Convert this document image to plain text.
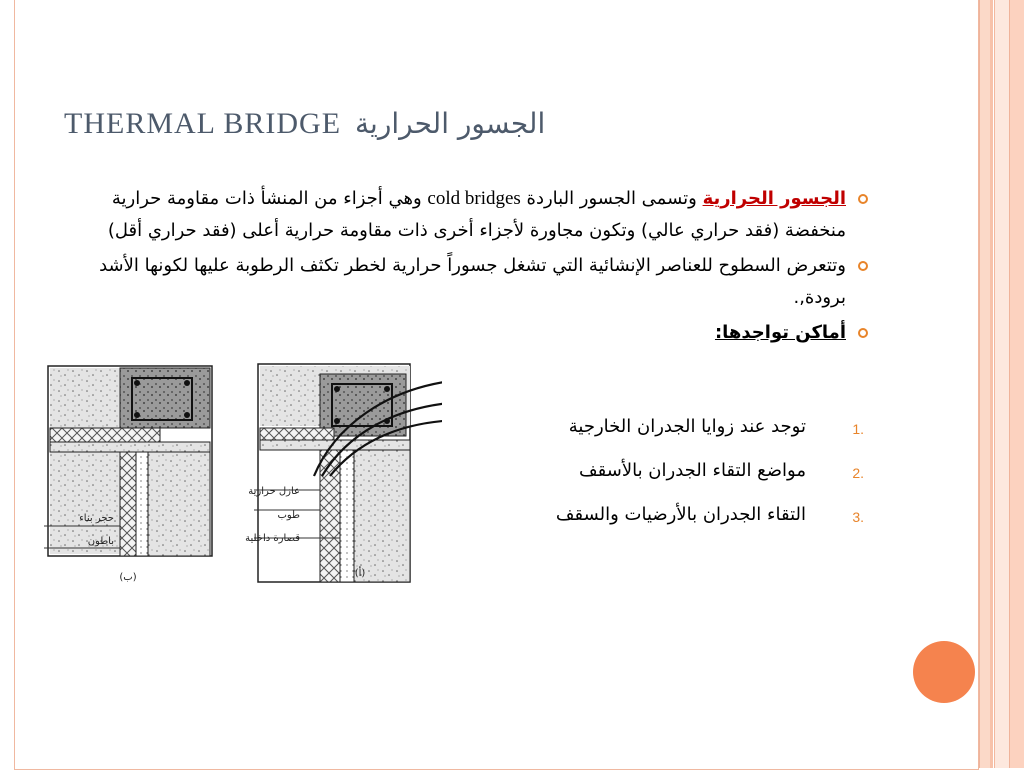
THERMAL BRIDGE الجسور الحرارية
الجسور الحرارية وتسمى الجسور الباردة cold bridges وهي أجزاء من المنشأ ذات مقاومة حرارية منخفضة (فقد حراري عالي) وتكون مجاورة لأجزاء أخرى ذات مقاومة حرارية أعلى (فقد حراري أقل)
وتتعرض السطوح للعناصر الإنشائية التي تشغل جسوراً حرارية لخطر تكثف الرطوبة عليها لكونها الأشد برودة,.
أماكن تواجدها:
1.
توجد عند زوايا الجدران الخارجية
2.
مواضع التقاء الجدران بالأسقف
3.
التقاء الجدران بالأرضيات والسقف
حجر بناء
باطون
(ب)
عازل حرارية
طوب
قصارة داخلية
(أ)
